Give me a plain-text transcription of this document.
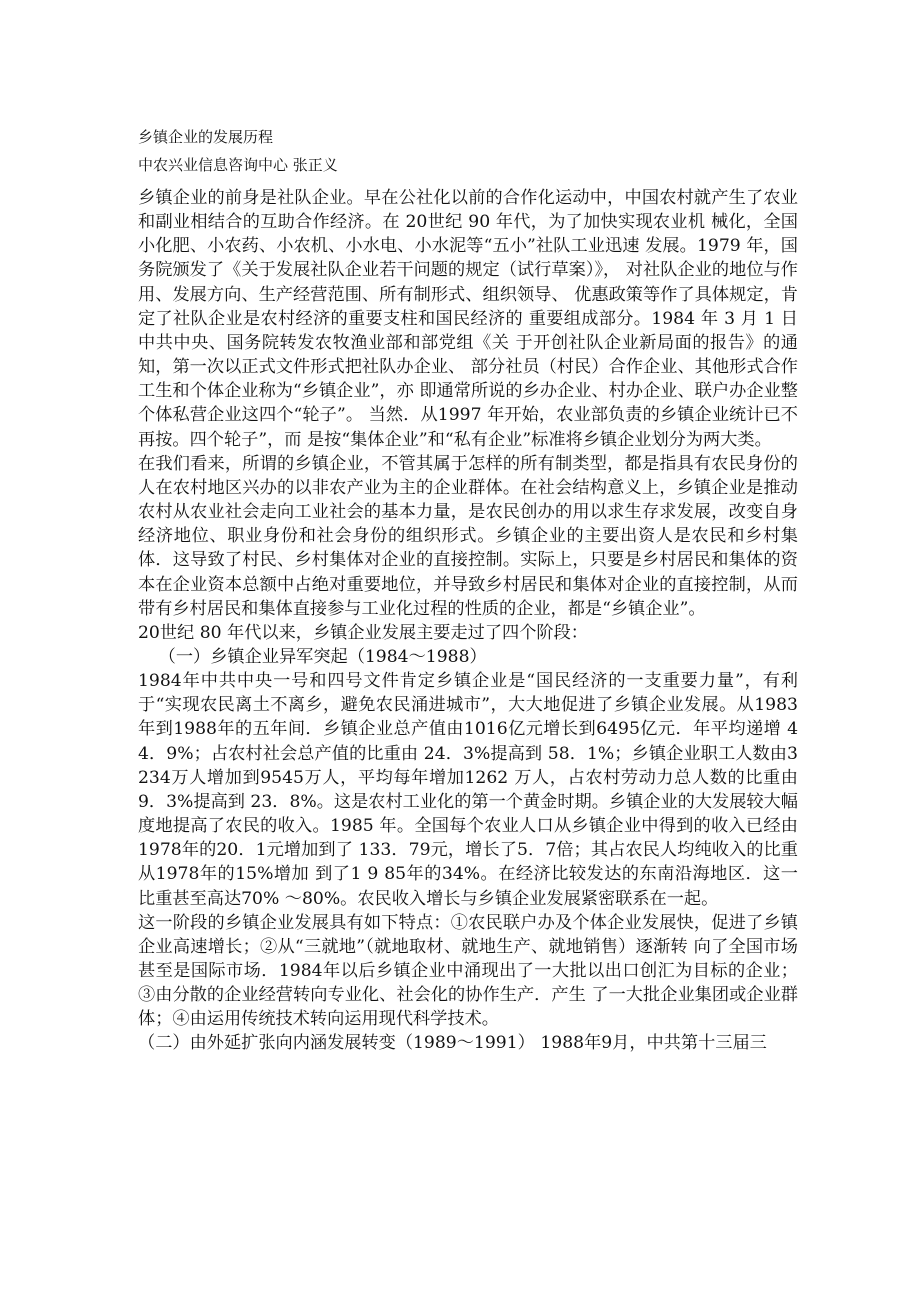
乡镇企业的发展历程
中农兴业信息咨询中心 张正义

乡镇企业的前身是社队企业。早在公社化以前的合作化运动中，中国农村就产生了农业和副业相结合的互助合作经济。在 20世纪 90 年代，为了加快实现农业机 械化，全国小化肥、小农药、小农机、小水电、小水泥等“五小”社队工业迅速 发展。1979 年，国务院颁发了《关于发展社队企业若干问题的规定（试行草案）》， 对社队企业的地位与作用、发展方向、生产经营范围、所有制形式、组织领导、 优惠政策等作了具体规定，肯定了社队企业是农村经济的重要支柱和国民经济的 重要组成部分。1984 年 3 月 1 日中共中央、国务院转发农牧渔业部和部党组《关 于开创社队企业新局面的报告》的通知，第一次以正式文件形式把社队办企业、 部分社员（村民）合作企业、其他形式合作工生和个体企业称为“乡镇企业”，亦 即通常所说的乡办企业、村办企业、联户办企业整个体私营企业这四个“轮子”。 当然．从1997 年开始，农业部负责的乡镇企业统计已不再按。四个轮子”，而 是按“集体企业”和“私有企业”标准将乡镇企业划分为两大类。

在我们看来，所谓的乡镇企业，不管其属于怎样的所有制类型，都是指具有农民身份的人在农村地区兴办的以非农产业为主的企业群体。在社会结构意义上，乡镇企业是推动农村从农业社会走向工业社会的基本力量，是农民创办的用以求生存求发展，改变自身经济地位、职业身份和社会身份的组织形式。乡镇企业的主要出资人是农民和乡村集体．这导致了村民、乡村集体对企业的直接控制。实际上，只要是乡村居民和集体的资本在企业资本总额中占绝对重要地位，并导致乡村居民和集体对企业的直接控制，从而带有乡村居民和集体直接参与工业化过程的性质的企业，都是“乡镇企业”。

20世纪 80 年代以来，乡镇企业发展主要走过了四个阶段：

（一）乡镇企业异军突起（1984～1988）

1984年中共中央一号和四号文件肯定乡镇企业是“国民经济的一支重要力量”，有利于“实现农民离土不离乡，避免农民涌进城市”，大大地促进了乡镇企业发展。从1983年到1988年的五年间．乡镇企业总产值由1016亿元增长到6495亿元．年平均递增 44．9%；占农村社会总产值的比重由 24．3%提高到 58．1%；乡镇企业职工人数由3234万人增加到9545万人，平均每年增加1262 万人，占农村劳动力总人数的比重由9．3%提高到 23．8%。这是农村工业化的第一个黄金时期。乡镇企业的大发展较大幅度地提高了农民的收入。1985 年。全国每个农业人口从乡镇企业中得到的收入已经由1978年的20．1元增加到了 133．79元，增长了5．7倍；其占农民人均纯收入的比重从1978年的15%增加 到了1 9 85年的34%。在经济比较发达的东南沿海地区．这一比重甚至高达70% ～80%。农民收入增长与乡镇企业发展紧密联系在一起。

这一阶段的乡镇企业发展具有如下特点：①农民联户办及个体企业发展快，促进了乡镇企业高速增长；②从“三就地”（就地取材、就地生产、就地销售）逐渐转 向了全国市场甚至是国际市场．1984年以后乡镇企业中涌现出了一大批以出口创汇为目标的企业；③由分散的企业经营转向专业化、社会化的协作生产．产生 了一大批企业集团或企业群体；④由运用传统技术转向运用现代科学技术。

（二）由外延扩张向内涵发展转变（1989～1991） 1988年9月，中共第十三届三
